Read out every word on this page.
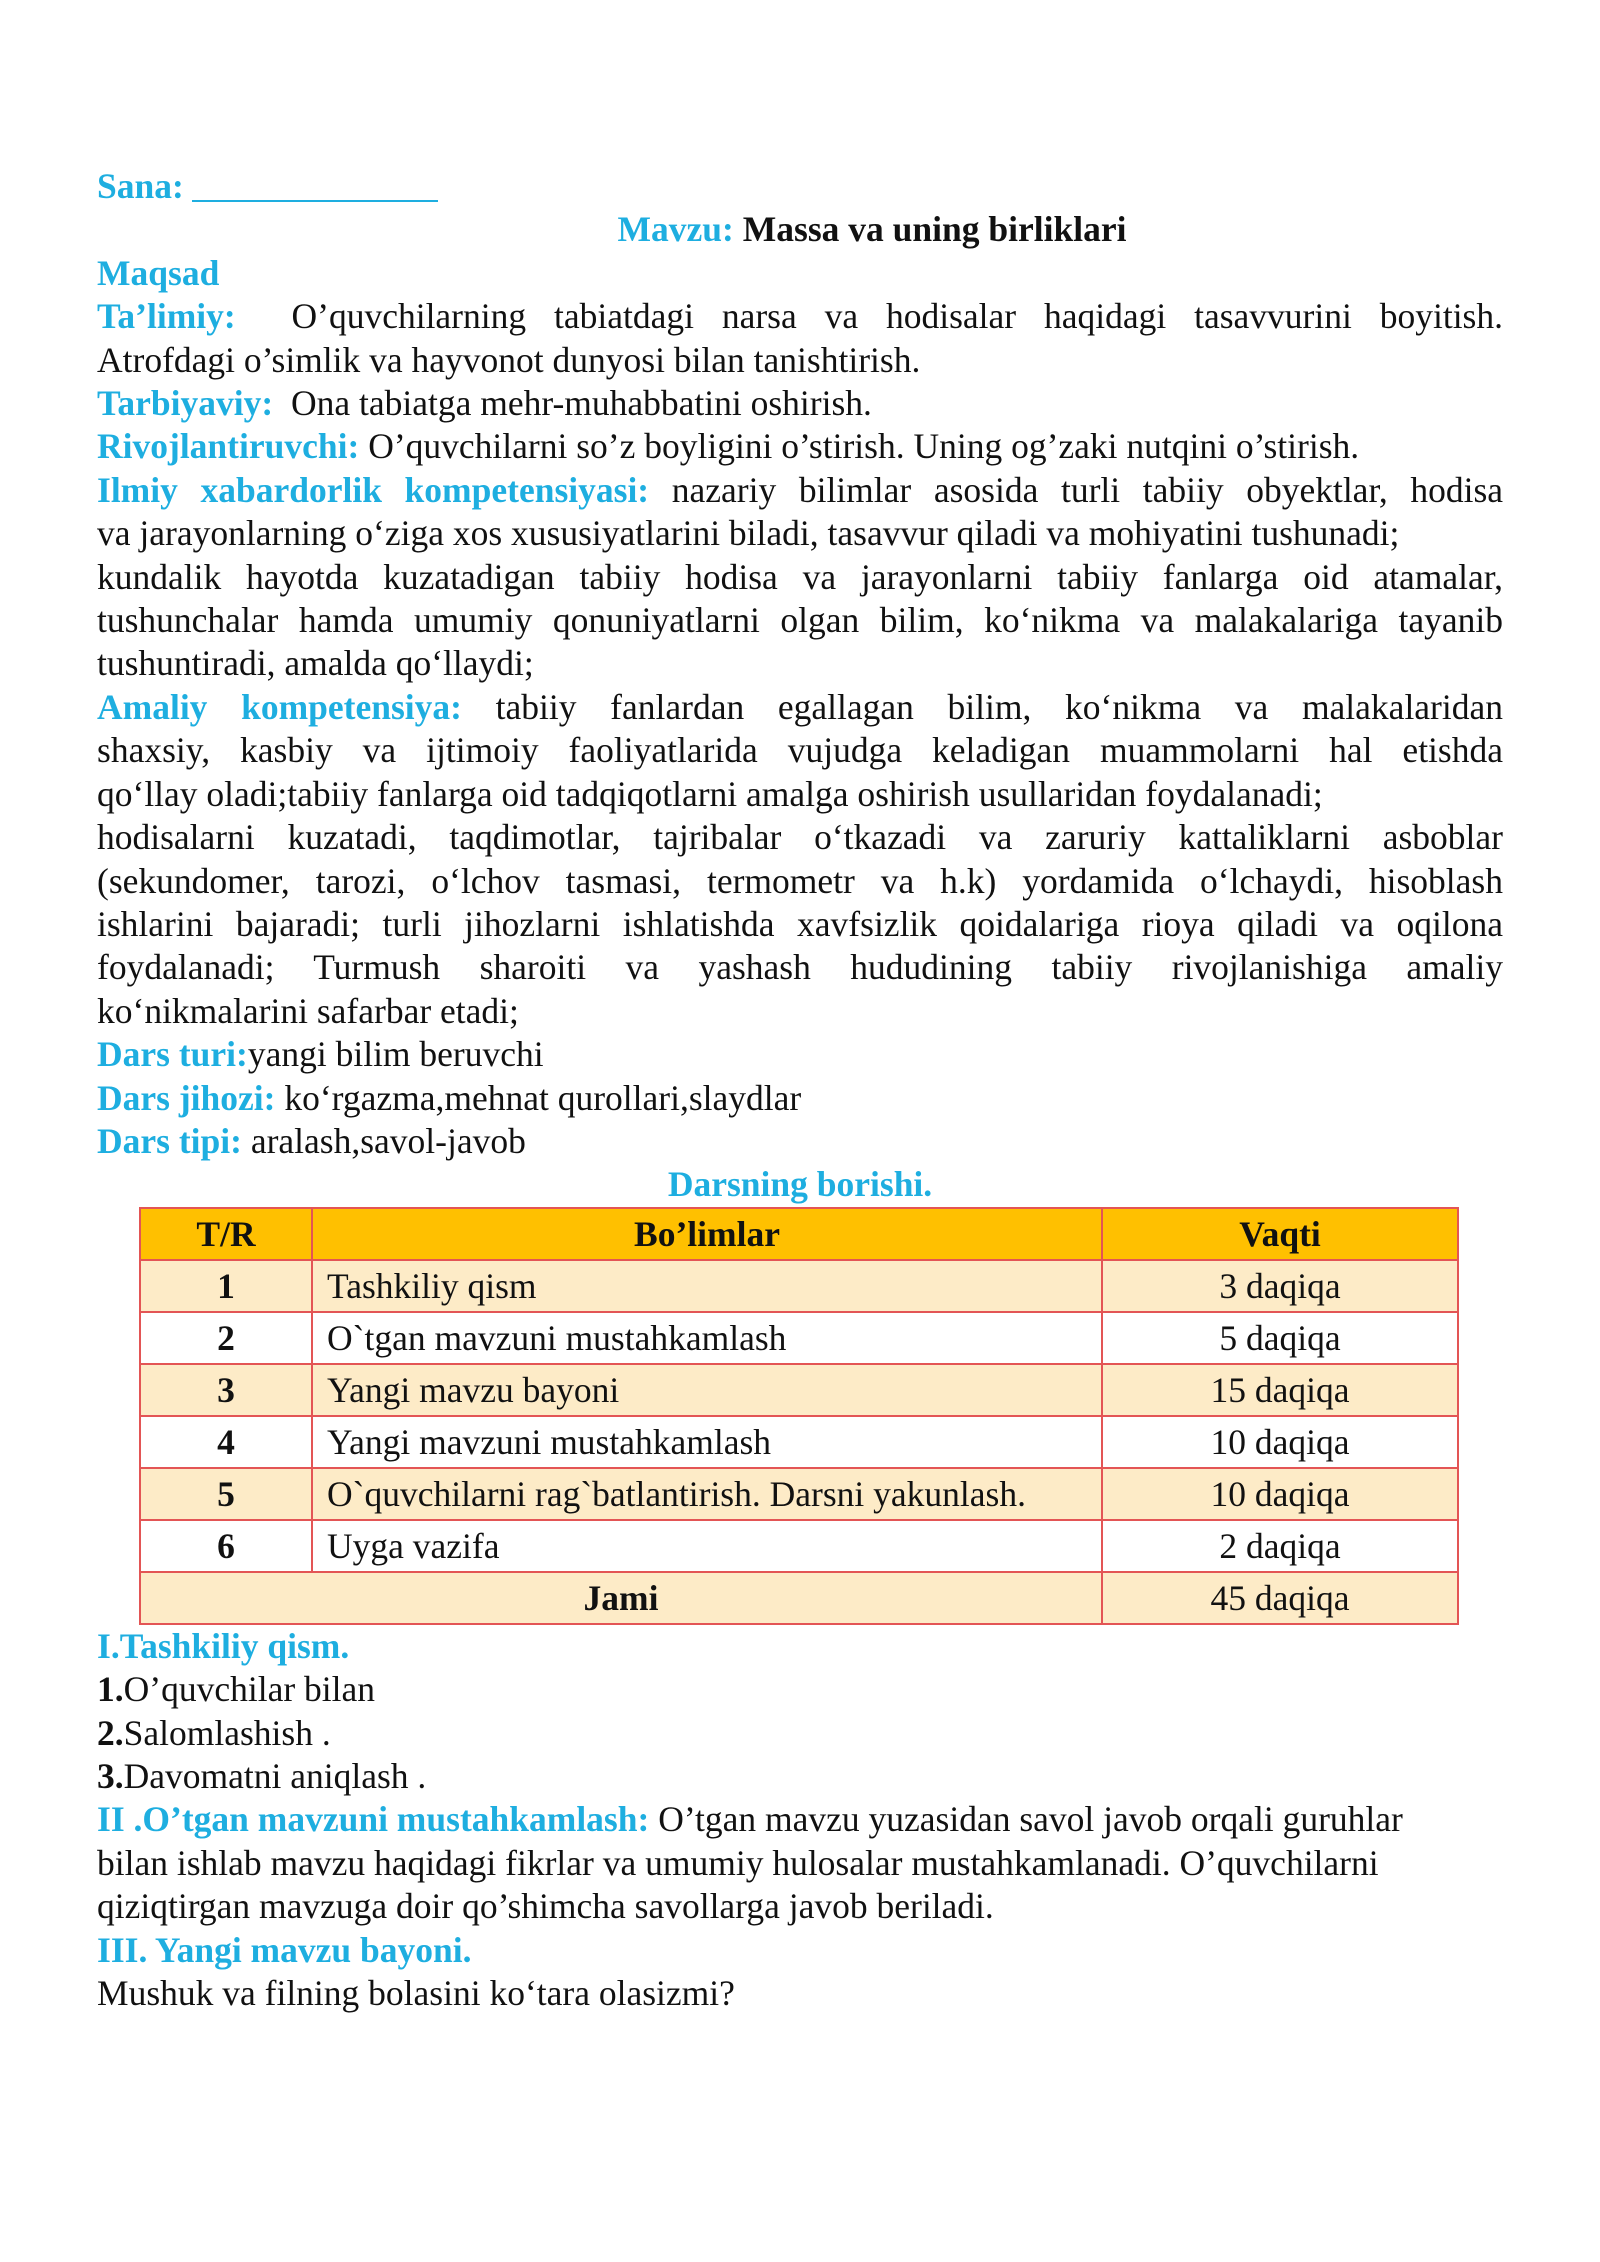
Sana:

Mavzu: Massa va uning birliklari

Maqsad

Ta’limiy: O’quvchilarning tabiatdagi narsa va hodisalar haqidagi tasavvurini boyitish.

Atrofdagi o’simlik va hayvonot dunyosi bilan tanishtirish.

Tarbiyaviy: Ona tabiatga mehr-muhabbatini oshirish.

Rivojlantiruvchi: O’quvchilarni so’z boyligini o’stirish. Uning og’zaki nutqini o’stirish.

Ilmiy xabardorlik kompetensiyasi: nazariy bilimlar asosida turli tabiiy obyektlar, hodisa

va jarayonlarning o‘ziga xos xususiyatlarini biladi, tasavvur qiladi va mohiyatini tushunadi;

kundalik hayotda kuzatadigan tabiiy hodisa va jarayonlarni tabiiy fanlarga oid atamalar,

tushunchalar hamda umumiy qonuniyatlarni olgan bilim, ko‘nikma va malakalariga tayanib

tushuntiradi, amalda qo‘llaydi;

Amaliy kompetensiya: tabiiy fanlardan egallagan bilim, ko‘nikma va malakalaridan

shaxsiy, kasbiy va ijtimoiy faoliyatlarida vujudga keladigan muammolarni hal etishda

qo‘llay oladi;tabiiy fanlarga oid tadqiqotlarni amalga oshirish usullaridan foydalanadi;

hodisalarni kuzatadi, taqdimotlar, tajribalar o‘tkazadi va zaruriy kattaliklarni asboblar

(sekundomer, tarozi, o‘lchov tasmasi, termometr va h.k) yordamida o‘lchaydi, hisoblash

ishlarini bajaradi; turli jihozlarni ishlatishda xavfsizlik qoidalariga rioya qiladi va oqilona

foydalanadi; Turmush sharoiti va yashash hududining tabiiy rivojlanishiga amaliy

ko‘nikmalarini safarbar etadi;

Dars turi:yangi bilim beruvchi

Dars jihozi: ko‘rgazma,mehnat qurollari,slaydlar

Dars tipi: aralash,savol-javob

Darsning borishi.

T/R	Bo’limlar	Vaqti
1	Tashkiliy qism	3 daqiqa
2	O`tgan mavzuni mustahkamlash	5 daqiqa
3	Yangi mavzu bayoni	15 daqiqa
4	Yangi mavzuni mustahkamlash	10 daqiqa
5	O`quvchilarni rag`batlantirish. Darsni yakunlash.	10 daqiqa
6	Uyga vazifa	2 daqiqa
Jami		45 daqiqa

I.Tashkiliy qism.

1.O’quvchilar bilan

2.Salomlashish .

3.Davomatni aniqlash .

II .O’tgan mavzuni mustahkamlash: O’tgan mavzu yuzasidan savol javob orqali guruhlar

bilan ishlab mavzu haqidagi fikrlar va umumiy hulosalar mustahkamlanadi. O’quvchilarni

qiziqtirgan mavzuga doir qo’shimcha savollarga javob beriladi.

III. Yangi mavzu bayoni.

Mushuk va filning bolasini ko‘tara olasizmi?
